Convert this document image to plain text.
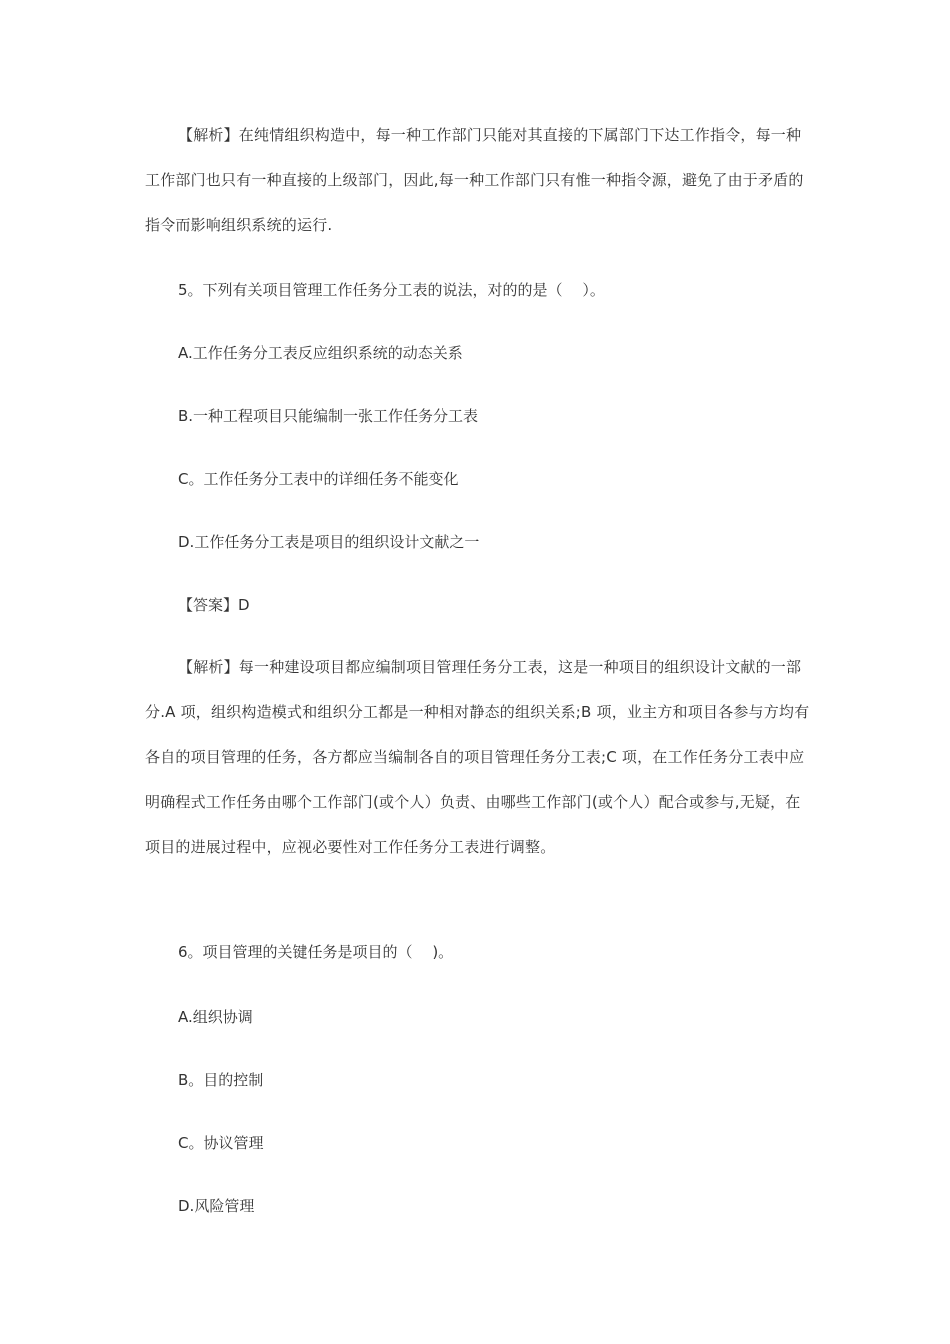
【解析】在纯情组织构造中，每一种工作部门只能对其直接的下属部门下达工作指令，每一种工作部门也只有一种直接的上级部门，因此,每一种工作部门只有惟一种指令源，避免了由于矛盾的指令而影响组织系统的运行.

5。下列有关项目管理工作任务分工表的说法，对的的是（　 ）。

A.工作任务分工表反应组织系统的动态关系

B.一种工程项目只能编制一张工作任务分工表

C。工作任务分工表中的详细任务不能变化

D.工作任务分工表是项目的组织设计文献之一

【答案】D

【解析】每一种建设项目都应编制项目管理任务分工表，这是一种项目的组织设计文献的一部分.A 项，组织构造模式和组织分工都是一种相对静态的组织关系;B 项，业主方和项目各参与方均有各自的项目管理的任务，各方都应当编制各自的项目管理任务分工表;C 项，在工作任务分工表中应明确程式工作任务由哪个工作部门(或个人）负责、由哪些工作部门(或个人）配合或参与,无疑，在项目的进展过程中，应视必要性对工作任务分工表进行调整。

6。项目管理的关键任务是项目的（　 )。

A.组织协调

B。目的控制

C。协议管理

D.风险管理
